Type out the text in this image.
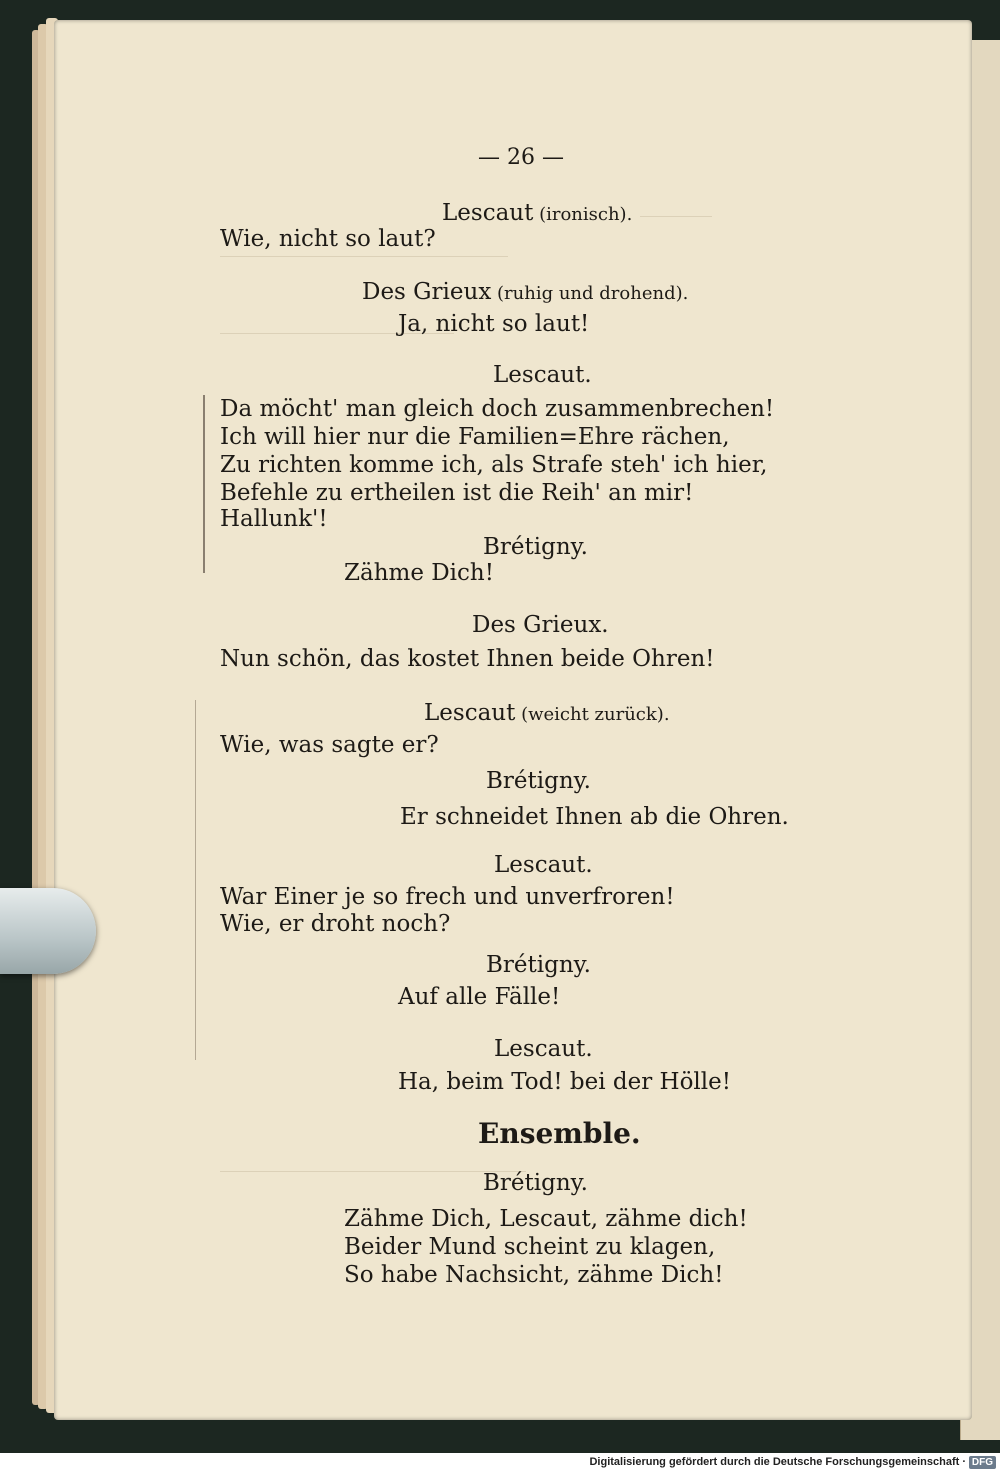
⎯⎯⎯⎯⎯⎯⎯⎯
⎯⎯⎯⎯⎯⎯⎯⎯⎯⎯⎯⎯⎯⎯⎯⎯⎯⎯⎯⎯⎯⎯⎯⎯⎯⎯⎯⎯⎯⎯⎯⎯
⎯⎯⎯⎯⎯⎯⎯⎯⎯⎯⎯⎯⎯⎯⎯⎯⎯⎯⎯⎯⎯⎯⎯⎯⎯⎯
⎯⎯⎯⎯⎯⎯⎯⎯⎯⎯⎯⎯⎯⎯⎯⎯⎯⎯⎯⎯⎯⎯⎯⎯⎯⎯⎯⎯⎯⎯⎯⎯⎯⎯
— 26 —
Lescaut (ironisch).
Wie, nicht so laut?
Des Grieux (ruhig und drohend).
Ja, nicht so laut!
Lescaut.
Da möcht' man gleich doch zusammenbrechen!
Ich will hier nur die Familien=Ehre rächen,
Zu richten komme ich, als Strafe steh' ich hier,
Befehle zu ertheilen ist die Reih' an mir!
Hallunk'!
Brétigny.
Zähme Dich!
Des Grieux.
Nun schön, das kostet Ihnen beide Ohren!
Lescaut (weicht zurück).
Wie, was sagte er?
Brétigny.
Er schneidet Ihnen ab die Ohren.
Lescaut.
War Einer je so frech und unverfroren!
Wie, er droht noch?
Brétigny.
Auf alle Fälle!
Lescaut.
Ha, beim Tod! bei der Hölle!
Ensemble.
Brétigny.
Zähme Dich, Lescaut, zähme dich!
Beider Mund scheint zu klagen,
So habe Nachsicht, zähme Dich!
Digitalisierung gefördert durch die Deutsche Forschungsgemeinschaft · DFG
